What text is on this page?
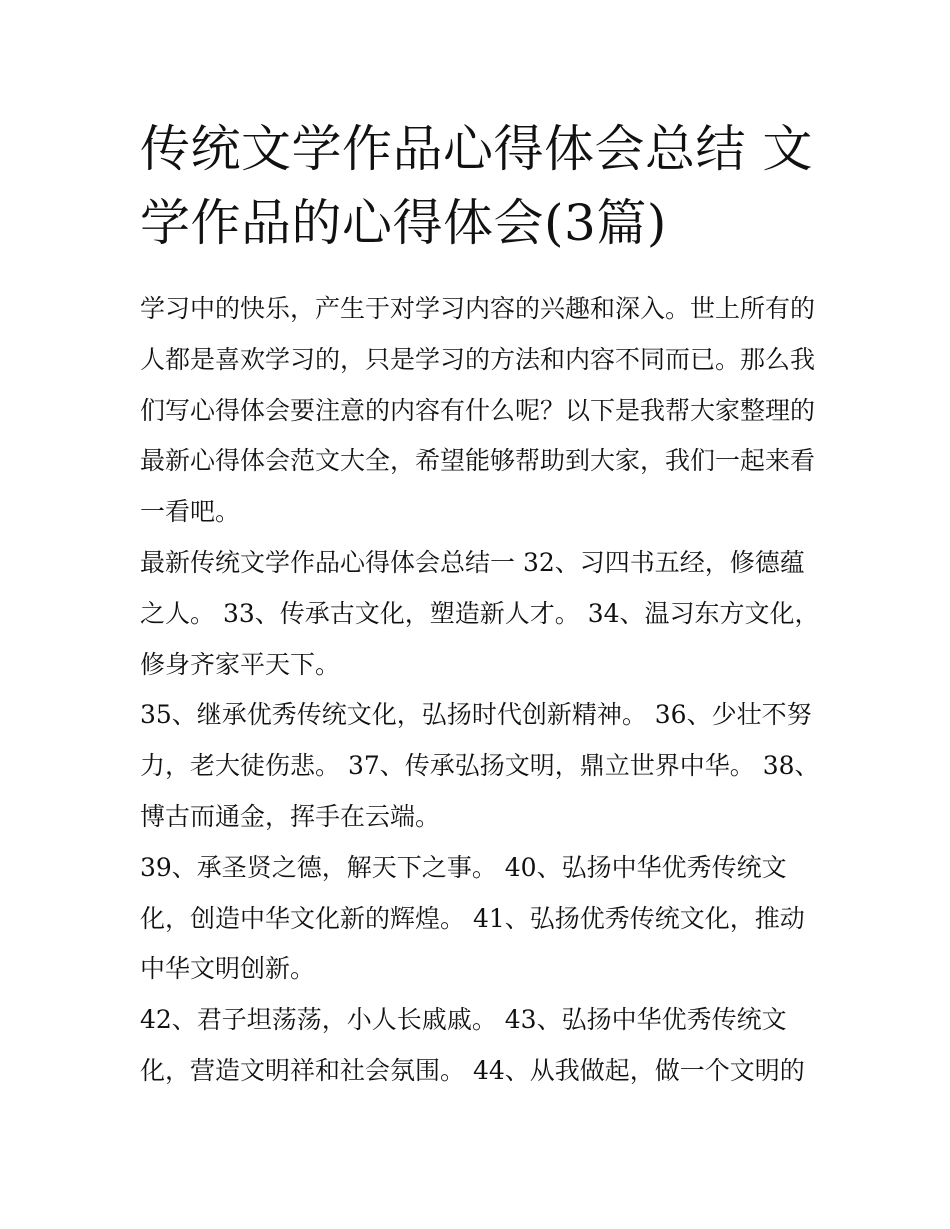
传统文学作品心得体会总结 文学作品的心得体会(3篇)

学习中的快乐，产生于对学习内容的兴趣和深入。世上所有的人都是喜欢学习的，只是学习的方法和内容不同而已。那么我们写心得体会要注意的内容有什么呢？以下是我帮大家整理的最新心得体会范文大全，希望能够帮助到大家，我们一起来看一看吧。

最新传统文学作品心得体会总结一 32、习四书五经，修德蕴之人。 33、传承古文化，塑造新人才。 34、温习东方文化，修身齐家平天下。

35、继承优秀传统文化，弘扬时代创新精神。 36、少壮不努力，老大徒伤悲。 37、传承弘扬文明，鼎立世界中华。 38、博古而通金，挥手在云端。

39、承圣贤之德，解天下之事。 40、弘扬中华优秀传统文化，创造中华文化新的辉煌。 41、弘扬优秀传统文化，推动中华文明创新。

42、君子坦荡荡，小人长戚戚。 43、弘扬中华优秀传统文化，营造文明祥和社会氛围。 44、从我做起，做一个文明的
